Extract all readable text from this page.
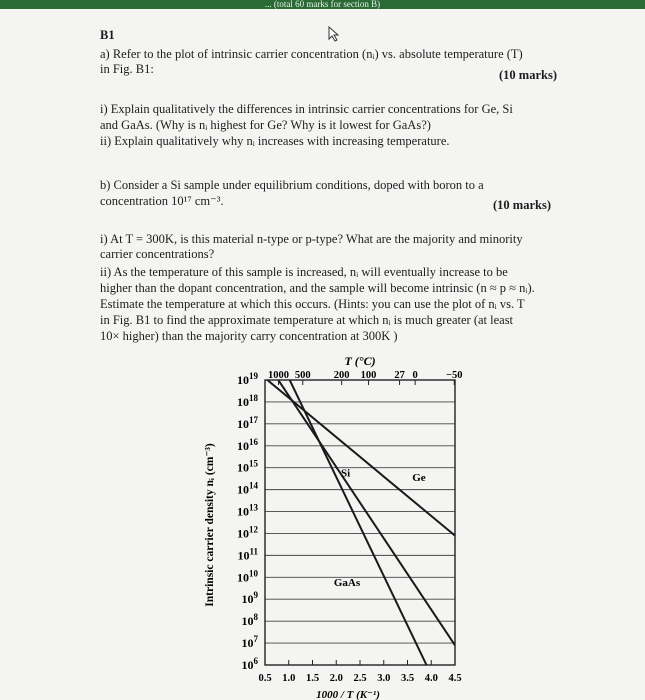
... (total 60 marks for section B)
B1
a) Refer to the plot of intrinsic carrier concentration (nᵢ) vs. absolute temperature (T)
in Fig. B1:	(10 marks)
i) Explain qualitatively the differences in intrinsic carrier concentrations for Ge, Si
and GaAs. (Why is nᵢ highest for Ge? Why is it lowest for GaAs?)
ii) Explain qualitatively why nᵢ increases with increasing temperature.
b) Consider a Si sample under equilibrium conditions, doped with boron to a
concentration 10¹⁷ cm⁻³.	(10 marks)
i) At T = 300K, is this material n-type or p-type? What are the majority and minority
carrier concentrations?
ii) As the temperature of this sample is increased, nᵢ will eventually increase to be
higher than the dopant concentration, and the sample will become intrinsic (n ≈ p ≈ nᵢ).
Estimate the temperature at which this occurs. (Hints: you can use the plot of nᵢ vs. T
in Fig. B1 to find the approximate temperature at which nᵢ is much greater (at least
10× higher) than the majority carry concentration at 300K )
$10^{19}$
$10^{18}$
$10^{17}$
$10^{16}$
$10^{15}$
$10^{14}$
$10^{13}$
$10^{12}$
$10^{11}$
$10^{10}$
$10^9$
$10^8$
$10^7$
$10^6$
0.5 1.0 1.5 2.0 2.5 3.0 3.5 4.0 4.5
1000 500 200 100 27 0	−50
Si	Ge
GaAs
T (°C)
1000 / T (K⁻¹)
Intrinsic carrier density nᵢ (cm⁻³)
